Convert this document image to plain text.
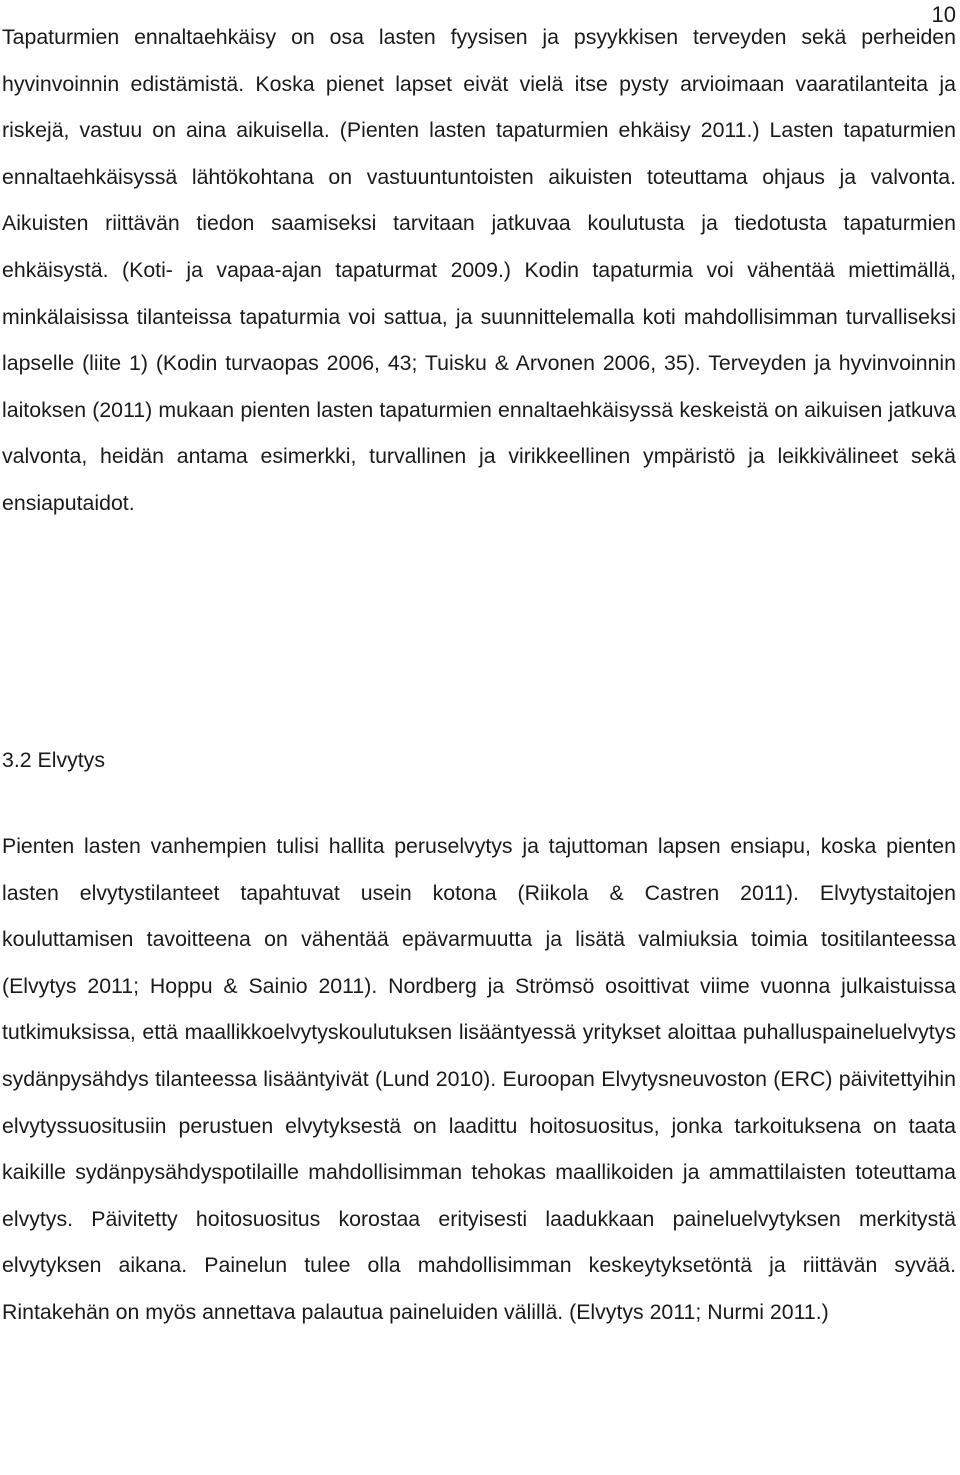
10

Tapaturmien ennaltaehkäisy on osa lasten fyysisen ja psyykkisen terveyden sekä perheiden hyvinvoinnin edistämistä. Koska pienet lapset eivät vielä itse pysty arvioimaan vaaratilanteita ja riskejä, vastuu on aina aikuisella. (Pienten lasten tapaturmien ehkäisy 2011.) Lasten tapaturmien ennaltaehkäisyssä lähtökohtana on vastuuntuntoisten aikuisten toteuttama ohjaus ja valvonta. Aikuisten riittävän tiedon saamiseksi tarvitaan jatkuvaa koulutusta ja tiedotusta tapaturmien ehkäisystä. (Koti- ja vapaa-ajan tapaturmat 2009.) Kodin tapaturmia voi vähentää miettimällä, minkälaisissa tilanteissa tapaturmia voi sattua, ja suunnittelemalla koti mahdollisimman turvalliseksi lapselle (liite 1) (Kodin turvaopas 2006, 43; Tuisku & Arvonen 2006, 35). Terveyden ja hyvinvoinnin laitoksen (2011) mukaan pienten lasten tapaturmien ennaltaehkäisyssä keskeistä on aikuisen jatkuva valvonta, heidän antama esimerkki, turvallinen ja virikkeellinen ympäristö ja leikkivälineet sekä ensiaputaidot.

3.2 Elvytys

Pienten lasten vanhempien tulisi hallita peruselvytys ja tajuttoman lapsen ensiapu, koska pienten lasten elvytystilanteet tapahtuvat usein kotona (Riikola & Castren 2011). Elvytystaitojen kouluttamisen tavoitteena on vähentää epävarmuutta ja lisätä valmiuksia toimia tositilanteessa (Elvytys 2011; Hoppu & Sainio 2011). Nordberg ja Strömsö osoittivat viime vuonna julkaistuissa tutkimuksissa, että maallikkoelvytyskoulutuksen lisääntyessä yritykset aloittaa puhalluspaineluelvytys sydänpysähdys tilanteessa lisääntyivät (Lund 2010). Euroopan Elvytysneuvoston (ERC) päivitettyihin elvytyssuositusiin perustuen elvytyksestä on laadittu hoitosuositus, jonka tarkoituksena on taata kaikille sydänpysähdyspotilaille mahdollisimman tehokas maallikoiden ja ammattilaisten toteuttama elvytys. Päivitetty hoitosuositus korostaa erityisesti laadukkaan paineluelvytyksen merkitystä elvytyksen aikana. Painelun tulee olla mahdollisimman keskeytyksetöntä ja riittävän syvää. Rintakehän on myös annettava palautua paineluiden välillä. (Elvytys 2011; Nurmi 2011.)
